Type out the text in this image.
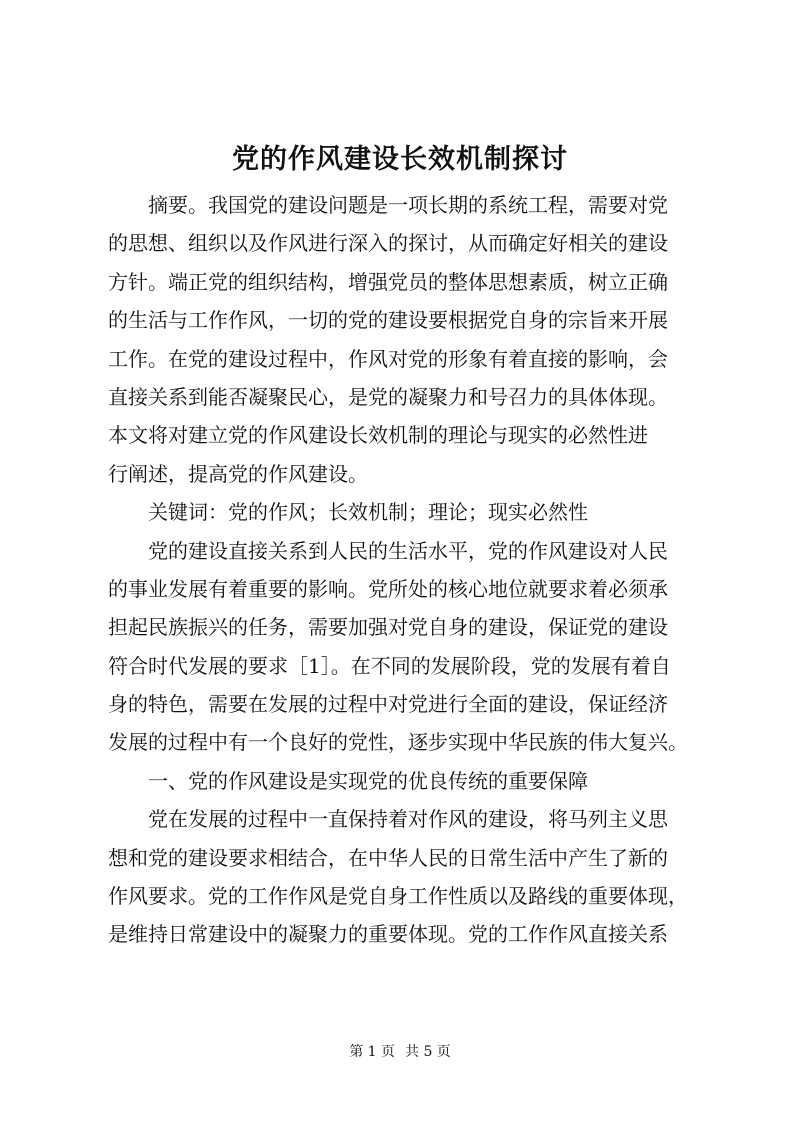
党的作风建设长效机制探讨
摘要。我国党的建设问题是一项长期的系统工程，需要对党
的思想、组织以及作风进行深入的探讨，从而确定好相关的建设
方针。端正党的组织结构，增强党员的整体思想素质，树立正确
的生活与工作作风，一切的党的建设要根据党自身的宗旨来开展
工作。在党的建设过程中，作风对党的形象有着直接的影响，会
直接关系到能否凝聚民心，是党的凝聚力和号召力的具体体现。
本文将对建立党的作风建设长效机制的理论与现实的必然性进
行阐述，提高党的作风建设。
关键词：党的作风；长效机制；理论；现实必然性
党的建设直接关系到人民的生活水平，党的作风建设对人民
的事业发展有着重要的影响。党所处的核心地位就要求着必须承
担起民族振兴的任务，需要加强对党自身的建设，保证党的建设
符合时代发展的要求［1］。在不同的发展阶段，党的发展有着自
身的特色，需要在发展的过程中对党进行全面的建设，保证经济
发展的过程中有一个良好的党性，逐步实现中华民族的伟大复兴。
一、党的作风建设是实现党的优良传统的重要保障
党在发展的过程中一直保持着对作风的建设，将马列主义思
想和党的建设要求相结合，在中华人民的日常生活中产生了新的
作风要求。党的工作作风是党自身工作性质以及路线的重要体现，
是维持日常建设中的凝聚力的重要体现。党的工作作风直接关系
第 1 页 共 5 页
